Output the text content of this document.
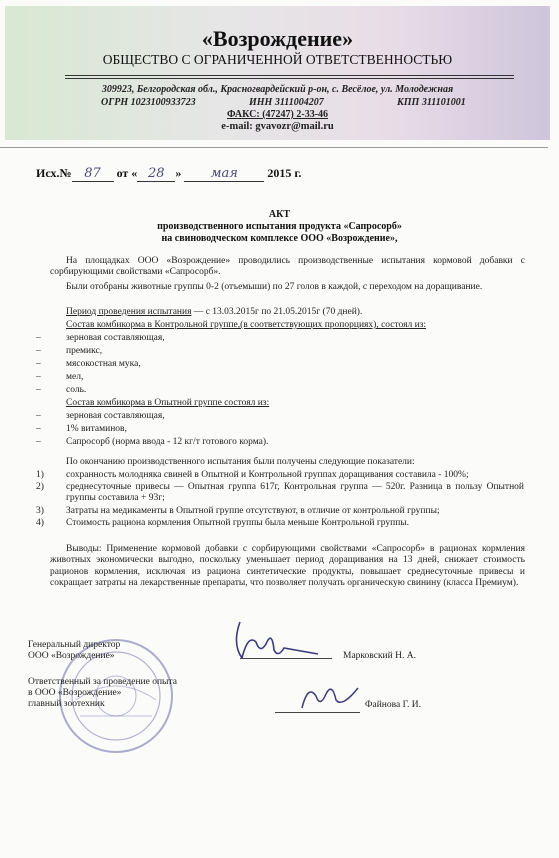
«Возрождение»
ОБЩЕСТВО С ОГРАНИЧЕННОЙ ОТВЕТСТВЕННОСТЬЮ
309923, Белгородская обл., Красногвардейский р-он, с. Весёлое, ул. Молодежная
ОГРН 1023100933723	ИНН 3111004207	КПП 311101001
ФАКС: (47247) 2-33-46
e-mail: gvavozr@mail.ru
Исх.№ 87 от « 28 » мая 2015 г.
АКТ
производственного испытания продукта «Сапросорб»
на свиноводческом комплексе ООО «Возрождение»,
На площадках ООО «Возрождение» проводились производственные испытания кормовой добавки с сорбирующими свойствами «Сапросорб».
Были отобраны животные группы 0-2 (отъемыши) по 27 голов в каждой, с переходом на доращивание.
Период проведения испытания — с 13.03.2015г по 21.05.2015г (70 дней).
Состав комбикорма в Контрольной группе,(в соответствующих пропорциях), состоял из:
–	зерновая составляющая,
–	премикс,
–	мясокостная мука,
–	мел,
–	соль.
Состав комбикорма в Опытной группе состоял из:
–	зерновая составляющая,
–	1% витаминов,
–	Сапросорб (норма ввода - 12 кг/т готового корма).
По окончанию производственного испытания были получены следующие показатели:
1) сохранность молодняка свиней в Опытной и Контрольной группах доращивания составила - 100%;
2) среднесуточные привесы — Опытная группа 617г, Контрольная группа — 520г. Разница в пользу Опытной группы составила + 93г;
3) Затраты на медикаменты в Опытной группе отсутствуют, в отличие от контрольной группы;
4) Стоимость рациона кормления Опытной группы была меньше Контрольной группы.
Выводы: Применение кормовой добавки с сорбирующими свойствами «Сапросорб» в рационах кормления животных экономически выгодно, поскольку уменьшает период доращивания на 13 дней, снижает стоимость рационов кормления, исключая из рациона синтетические продукты, повышает среднесуточные привесы и сокращает затраты на лекарственные препараты, что позволяет получать органическую свинину (класса Премиум).
Генеральный директор
ООО «Возрождение»	Марковский Н. А.
Ответственный за проведение опыта
в ООО «Возрождение»
главный зоотехник	Файнова Г. И.
